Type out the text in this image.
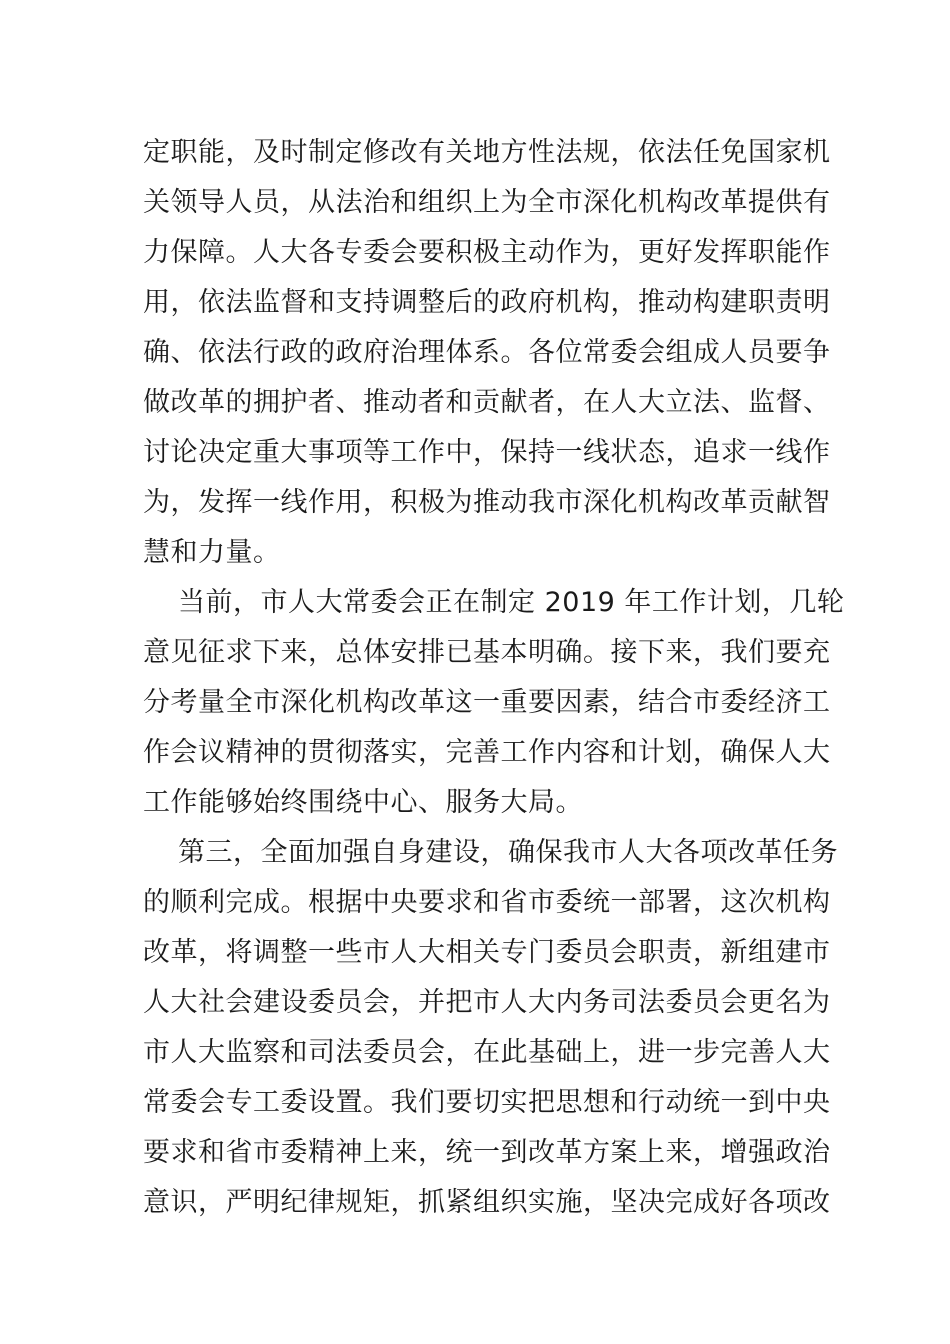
定职能，及时制定修改有关地方性法规，依法任免国家机
关领导人员，从法治和组织上为全市深化机构改革提供有
力保障。人大各专委会要积极主动作为，更好发挥职能作
用，依法监督和支持调整后的政府机构，推动构建职责明
确、依法行政的政府治理体系。各位常委会组成人员要争
做改革的拥护者、推动者和贡献者，在人大立法、监督、
讨论决定重大事项等工作中，保持一线状态，追求一线作
为，发挥一线作用，积极为推动我市深化机构改革贡献智
慧和力量。
当前，市人大常委会正在制定 2019 年工作计划，几轮
意见征求下来，总体安排已基本明确。接下来，我们要充
分考量全市深化机构改革这一重要因素，结合市委经济工
作会议精神的贯彻落实，完善工作内容和计划，确保人大
工作能够始终围绕中心、服务大局。
第三，全面加强自身建设，确保我市人大各项改革任务
的顺利完成。根据中央要求和省市委统一部署，这次机构
改革，将调整一些市人大相关专门委员会职责，新组建市
人大社会建设委员会，并把市人大内务司法委员会更名为
市人大监察和司法委员会，在此基础上，进一步完善人大
常委会专工委设置。我们要切实把思想和行动统一到中央
要求和省市委精神上来，统一到改革方案上来，增强政治
意识，严明纪律规矩，抓紧组织实施，坚决完成好各项改
